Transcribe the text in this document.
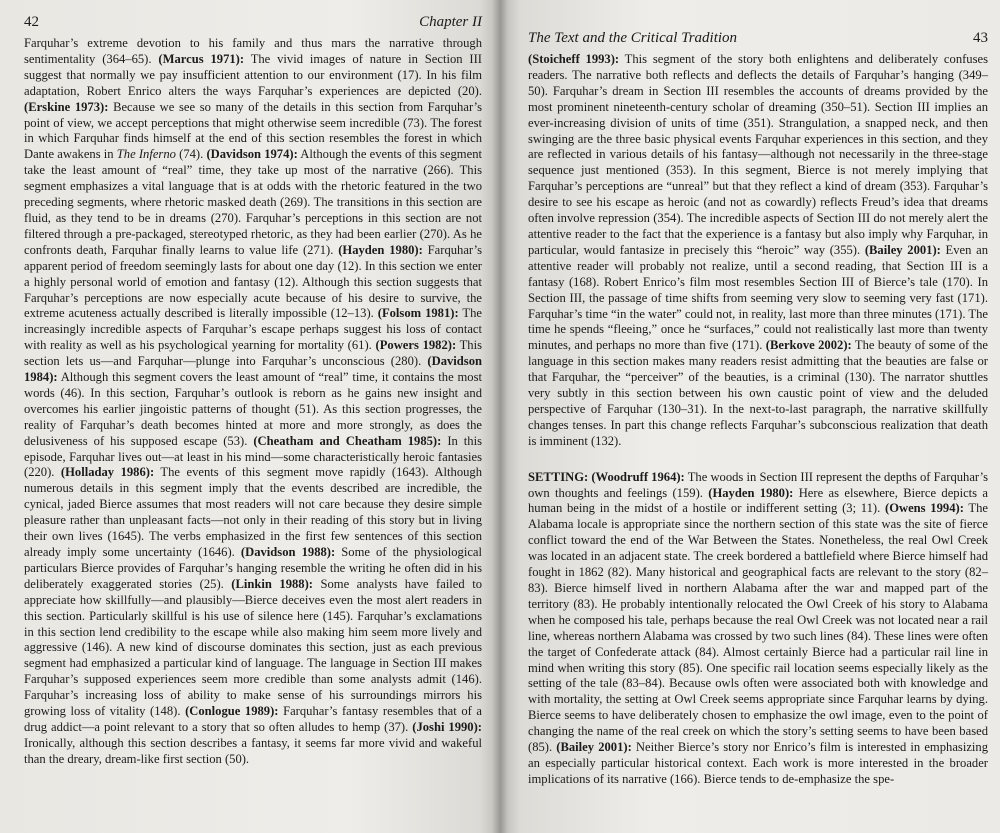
42	Chapter II

Farquhar’s extreme devotion to his family and thus mars the narrative through sentimentality (364–65). (Marcus 1971): The vivid images of nature in Section III suggest that normally we pay insufficient attention to our environment (17). In his film adaptation, Robert Enrico alters the ways Farquhar’s experiences are depicted (20). (Erskine 1973): Because we see so many of the details in this section from Farquhar’s point of view, we accept perceptions that might otherwise seem incredible (73). The forest in which Farquhar finds himself at the end of this section resembles the forest in which Dante awakens in The Inferno (74). (Davidson 1974): Although the events of this segment take the least amount of “real” time, they take up most of the narrative (266). This segment emphasizes a vital language that is at odds with the rhetoric featured in the two preceding segments, where rhetoric masked death (269). The transitions in this section are fluid, as they tend to be in dreams (270). Farquhar’s perceptions in this section are not filtered through a pre-packaged, stereotyped rhetoric, as they had been earlier (270). As he confronts death, Farquhar finally learns to value life (271). (Hayden 1980): Farquhar’s apparent period of freedom seemingly lasts for about one day (12). In this section we enter a highly personal world of emotion and fantasy (12). Although this section suggests that Farquhar’s perceptions are now especially acute because of his desire to survive, the extreme acuteness actually described is literally impossible (12–13). (Folsom 1981): The increasingly incredible aspects of Farquhar’s escape perhaps suggest his loss of contact with reality as well as his psychological yearning for mortality (61). (Powers 1982): This section lets us—and Farquhar—plunge into Farquhar’s unconscious (280). (Davidson 1984): Although this segment covers the least amount of “real” time, it contains the most words (46). In this section, Farquhar’s outlook is reborn as he gains new insight and overcomes his earlier jingoistic patterns of thought (51). As this section progresses, the reality of Farquhar’s death becomes hinted at more and more strongly, as does the delusiveness of his supposed escape (53). (Cheatham and Cheatham 1985): In this episode, Farquhar lives out—at least in his mind—some characteristically heroic fantasies (220). (Holladay 1986): The events of this segment move rapidly (1643). Although numerous details in this segment imply that the events described are incredible, the cynical, jaded Bierce assumes that most readers will not care because they desire simple pleasure rather than unpleasant facts—not only in their reading of this story but in living their own lives (1645). The verbs emphasized in the first few sentences of this section already imply some uncertainty (1646). (Davidson 1988): Some of the physiological particulars Bierce provides of Farquhar’s hanging resemble the writing he often did in his deliberately exaggerated stories (25). (Linkin 1988): Some analysts have failed to appreciate how skillfully—and plausibly—Bierce deceives even the most alert readers in this section. Particularly skillful is his use of silence here (145). Farquhar’s exclamations in this section lend credibility to the escape while also making him seem more lively and aggressive (146). A new kind of discourse dominates this section, just as each previous segment had emphasized a particular kind of language. The language in Section III makes Farquhar’s supposed experiences seem more credible than some analysts admit (146). Farquhar’s increasing loss of ability to make sense of his surroundings mirrors his growing loss of vitality (148). (Conlogue 1989): Farquhar’s fantasy resembles that of a drug addict—a point relevant to a story that so often alludes to hemp (37). (Joshi 1990): Ironically, although this section describes a fantasy, it seems far more vivid and wakeful than the dreary, dream-like first section (50).

The Text and the Critical Tradition	43

(Stoicheff 1993): This segment of the story both enlightens and deliberately confuses readers. The narrative both reflects and deflects the details of Farquhar’s hanging (349–50). Farquhar’s dream in Section III resembles the accounts of dreams provided by the most prominent nineteenth-century scholar of dreaming (350–51). Section III implies an ever-increasing division of units of time (351). Strangulation, a snapped neck, and then swinging are the three basic physical events Farquhar experiences in this section, and they are reflected in various details of his fantasy—although not necessarily in the three-stage sequence just mentioned (353). In this segment, Bierce is not merely implying that Farquhar’s perceptions are “unreal” but that they reflect a kind of dream (353). Farquhar’s desire to see his escape as heroic (and not as cowardly) reflects Freud’s idea that dreams often involve repression (354). The incredible aspects of Section III do not merely alert the attentive reader to the fact that the experience is a fantasy but also imply why Farquhar, in particular, would fantasize in precisely this “heroic” way (355). (Bailey 2001): Even an attentive reader will probably not realize, until a second reading, that Section III is a fantasy (168). Robert Enrico’s film most resembles Section III of Bierce’s tale (170). In Section III, the passage of time shifts from seeming very slow to seeming very fast (171). Farquhar’s time “in the water” could not, in reality, last more than three minutes (171). The time he spends “fleeing,” once he “surfaces,” could not realistically last more than twenty minutes, and perhaps no more than five (171). (Berkove 2002): The beauty of some of the language in this section makes many readers resist admitting that the beauties are false or that Farquhar, the “perceiver” of the beauties, is a criminal (130). The narrator shuttles very subtly in this section between his own caustic point of view and the deluded perspective of Farquhar (130–31). In the next-to-last paragraph, the narrative skillfully changes tenses. In part this change reflects Farquhar’s subconscious realization that death is imminent (132).

SETTING: (Woodruff 1964): The woods in Section III represent the depths of Farquhar’s own thoughts and feelings (159). (Hayden 1980): Here as elsewhere, Bierce depicts a human being in the midst of a hostile or indifferent setting (3; 11). (Owens 1994): The Alabama locale is appropriate since the northern section of this state was the site of fierce conflict toward the end of the War Between the States. Nonetheless, the real Owl Creek was located in an adjacent state. The creek bordered a battlefield where Bierce himself had fought in 1862 (82). Many historical and geographical facts are relevant to the story (82–83). Bierce himself lived in northern Alabama after the war and mapped part of the territory (83). He probably intentionally relocated the Owl Creek of his story to Alabama when he composed his tale, perhaps because the real Owl Creek was not located near a rail line, whereas northern Alabama was crossed by two such lines (84). These lines were often the target of Confederate attack (84). Almost certainly Bierce had a particular rail line in mind when writing this story (85). One specific rail location seems especially likely as the setting of the tale (83–84). Because owls often were associated both with knowledge and with mortality, the setting at Owl Creek seems appropriate since Farquhar learns by dying. Bierce seems to have deliberately chosen to emphasize the owl image, even to the point of changing the name of the real creek on which the story’s setting seems to have been based (85). (Bailey 2001): Neither Bierce’s story nor Enrico’s film is interested in emphasizing an especially particular historical context. Each work is more interested in the broader implications of its narrative (166). Bierce tends to de-emphasize the spe-
